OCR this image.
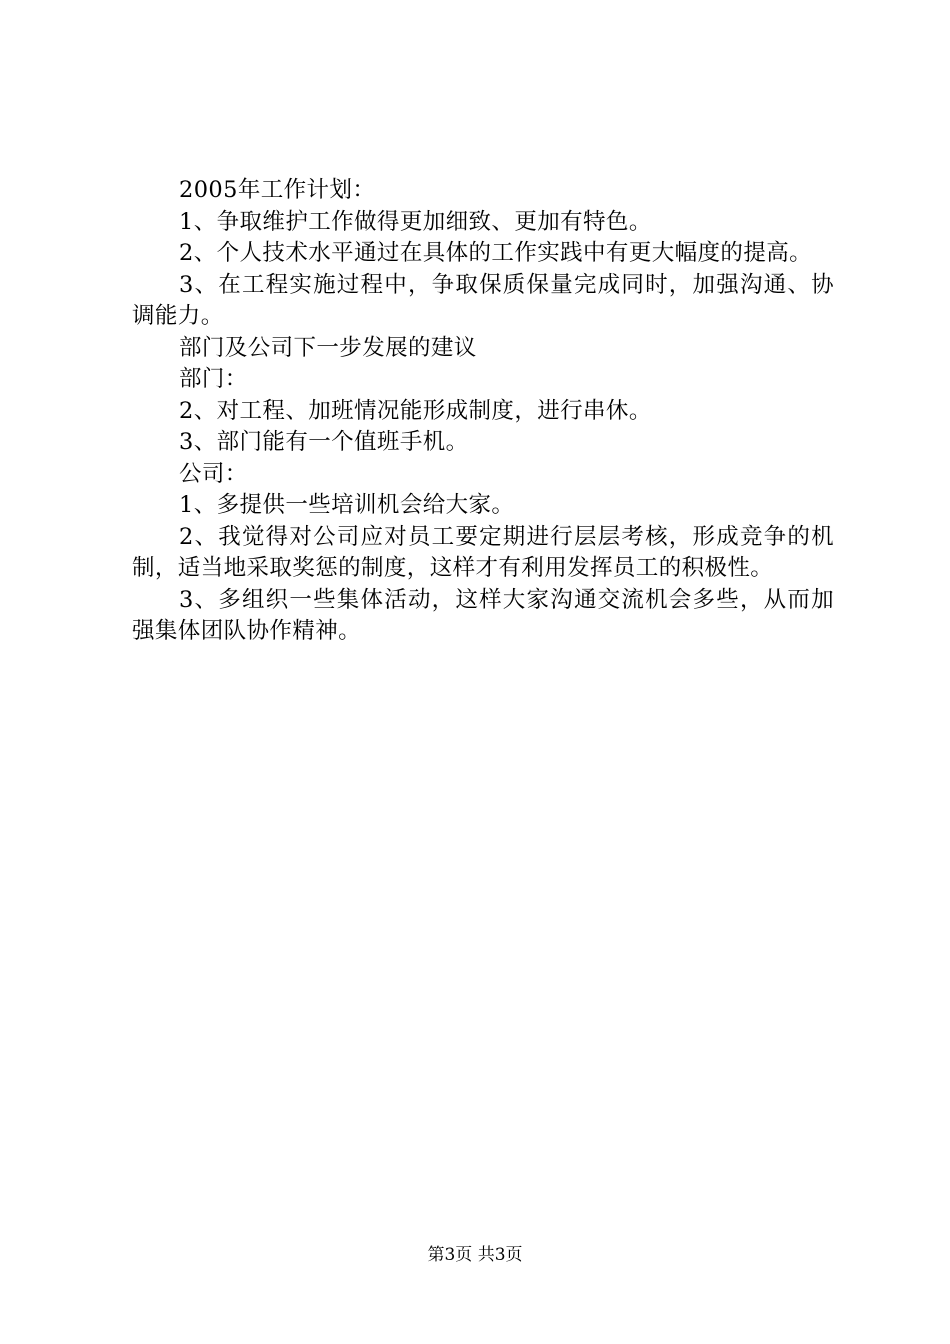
2005年工作计划：

1、争取维护工作做得更加细致、更加有特色。

2、个人技术水平通过在具体的工作实践中有更大幅度的提高。

3、在工程实施过程中，争取保质保量完成同时，加强沟通、协调能力。

部门及公司下一步发展的建议

部门：

2、对工程、加班情况能形成制度，进行串休。

3、部门能有一个值班手机。

公司：

1、多提供一些培训机会给大家。

2、我觉得对公司应对员工要定期进行层层考核，形成竞争的机制，适当地采取奖惩的制度，这样才有利用发挥员工的积极性。

3、多组织一些集体活动，这样大家沟通交流机会多些，从而加强集体团队协作精神。

第3页 共3页
